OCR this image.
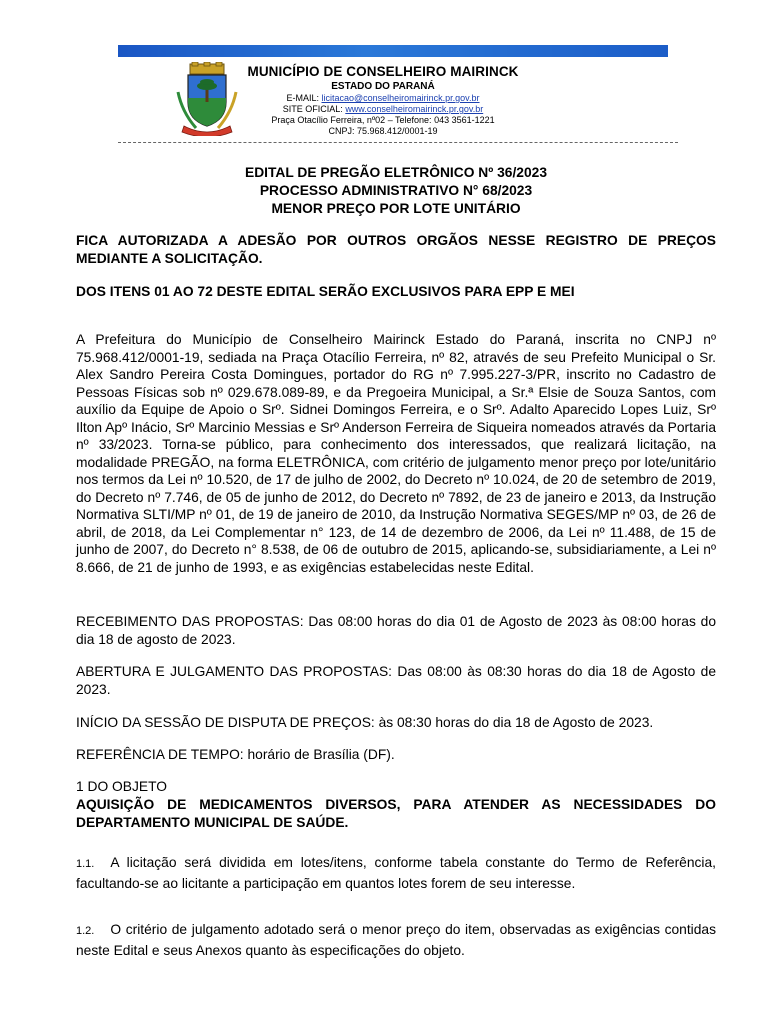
MUNICÍPIO DE CONSELHEIRO MAIRINCK
ESTADO DO PARANÁ
E-MAIL: licitacao@conselheiromairinck.pr.gov.br
SITE OFICIAL: www.conselheiromairinck.pr.gov.br
Praça Otacílio Ferreira, nº02 – Telefone: 043 3561-1221
CNPJ: 75.968.412/0001-19
EDITAL DE PREGÃO ELETRÔNICO Nº 36/2023
PROCESSO ADMINISTRATIVO N° 68/2023
MENOR PREÇO POR LOTE UNITÁRIO
FICA AUTORIZADA A ADESÃO POR OUTROS ORGÃOS NESSE REGISTRO DE PREÇOS MEDIANTE A SOLICITAÇÃO.
DOS ITENS 01 AO 72 DESTE EDITAL SERÃO EXCLUSIVOS PARA EPP E MEI
A Prefeitura do Município de Conselheiro Mairinck Estado do Paraná, inscrita no CNPJ nº 75.968.412/0001-19, sediada na Praça Otacílio Ferreira, nº 82, através de seu Prefeito Municipal o Sr. Alex Sandro Pereira Costa Domingues, portador do RG nº 7.995.227-3/PR, inscrito no Cadastro de Pessoas Físicas sob nº 029.678.089-89, e da Pregoeira Municipal, a Sr.ª Elsie de Souza Santos, com auxílio da Equipe de Apoio o Srº. Sidnei Domingos Ferreira, e o Srº. Adalto Aparecido Lopes Luiz, Srº Ilton Apº Inácio, Srº Marcinio Messias e Srº Anderson Ferreira de Siqueira nomeados através da Portaria nº 33/2023. Torna-se público, para conhecimento dos interessados, que realizará licitação, na modalidade PREGÃO, na forma ELETRÔNICA, com critério de julgamento menor preço por lote/unitário nos termos da Lei nº 10.520, de 17 de julho de 2002, do Decreto nº 10.024, de 20 de setembro de 2019, do Decreto nº 7.746, de 05 de junho de 2012, do Decreto nº 7892, de 23 de janeiro e 2013, da Instrução Normativa SLTI/MP nº 01, de 19 de janeiro de 2010, da Instrução Normativa SEGES/MP nº 03, de 26 de abril, de 2018, da Lei Complementar n° 123, de 14 de dezembro de 2006, da Lei nº 11.488, de 15 de junho de 2007, do Decreto n° 8.538, de 06 de outubro de 2015, aplicando-se, subsidiariamente, a Lei nº 8.666, de 21 de junho de 1993, e as exigências estabelecidas neste Edital.
RECEBIMENTO DAS PROPOSTAS: Das 08:00 horas do dia 01 de Agosto de 2023 às 08:00 horas do dia 18 de agosto de 2023.
ABERTURA E JULGAMENTO DAS PROPOSTAS: Das 08:00 às 08:30 horas do dia 18 de Agosto de 2023.
INÍCIO DA SESSÃO DE DISPUTA DE PREÇOS: às 08:30 horas do dia 18 de Agosto de 2023.
REFERÊNCIA DE TEMPO: horário de Brasília (DF).
1 DO OBJETO
AQUISIÇÃO DE MEDICAMENTOS DIVERSOS, PARA ATENDER AS NECESSIDADES DO DEPARTAMENTO MUNICIPAL DE SAÚDE.
1.1. A licitação será dividida em lotes/itens, conforme tabela constante do Termo de Referência, facultando-se ao licitante a participação em quantos lotes forem de seu interesse.
1.2. O critério de julgamento adotado será o menor preço do item, observadas as exigências contidas neste Edital e seus Anexos quanto às especificações do objeto.
